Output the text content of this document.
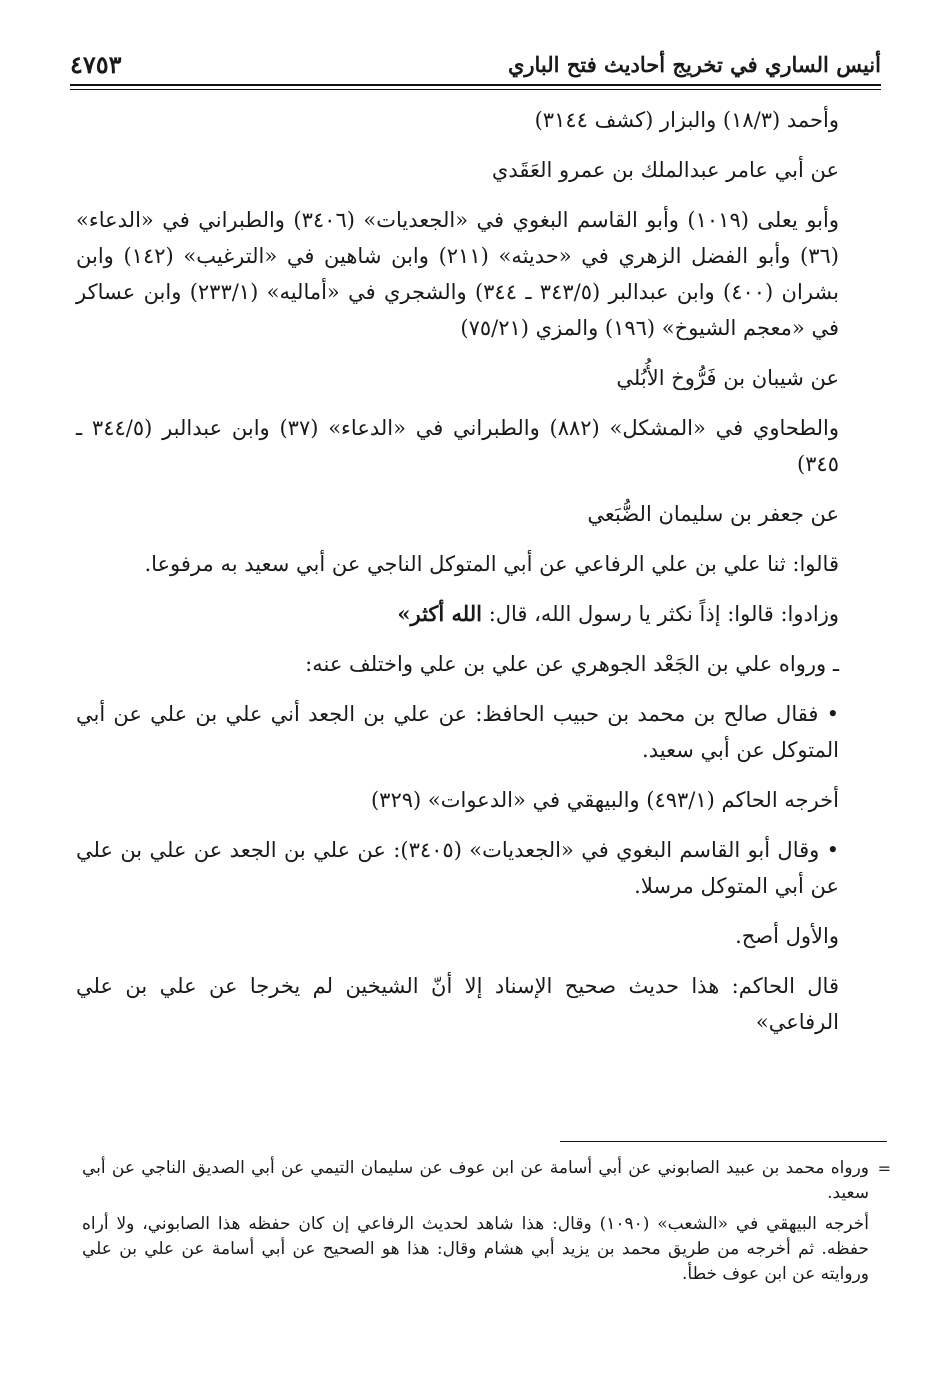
أنيس الساري في تخريج أحاديث فتح الباري
٤٧٥٣

وأحمد (١٨/٣) والبزار (كشف ٣١٤٤)

عن أبي عامر عبدالملك بن عمرو العَقَدي

وأبو يعلى (١٠١٩) وأبو القاسم البغوي في «الجعديات» (٣٤٠٦) والطبراني في «الدعاء» (٣٦) وأبو الفضل الزهري في «حديثه» (٢١١) وابن شاهين في «الترغيب» (١٤٢) وابن بشران (٤٠٠) وابن عبدالبر (٣٤٣/٥ ـ ٣٤٤) والشجري في «أماليه» (٢٣٣/١) وابن عساكر في «معجم الشيوخ» (١٩٦) والمزي (٧٥/٢١)

عن شيبان بن فَرُّوخ الأُبُلي

والطحاوي في «المشكل» (٨٨٢) والطبراني في «الدعاء» (٣٧) وابن عبدالبر (٣٤٤/٥ ـ ٣٤٥)

عن جعفر بن سليمان الضُّبَعي

قالوا: ثنا علي بن علي الرفاعي عن أبي المتوكل الناجي عن أبي سعيد به مرفوعا.

وزادوا: قالوا: إذاً نكثر يا رسول الله، قال: الله أكثر»

ـ ورواه علي بن الجَعْد الجوهري عن علي بن علي واختلف عنه:

• فقال صالح بن محمد بن حبيب الحافظ: عن علي بن الجعد أني علي بن علي عن أبي المتوكل عن أبي سعيد.

أخرجه الحاكم (٤٩٣/١) والبيهقي في «الدعوات» (٣٢٩)

• وقال أبو القاسم البغوي في «الجعديات» (٣٤٠٥): عن علي بن الجعد عن علي بن علي عن أبي المتوكل مرسلا.

والأول أصح.

قال الحاكم: هذا حديث صحيح الإسناد إلا أنّ الشيخين لم يخرجا عن علي بن علي الرفاعي»

=
ورواه محمد بن عبيد الصابوني عن أبي أسامة عن ابن عوف عن سليمان التيمي عن أبي الصديق الناجي عن أبي سعيد.

أخرجه البيهقي في «الشعب» (١٠٩٠) وقال: هذا شاهد لحديث الرفاعي إن كان حفظه هذا الصابوني، ولا أراه حفظه. ثم أخرجه من طريق محمد بن يزيد أبي هشام وقال: هذا هو الصحيح عن أبي أسامة عن علي بن علي وروايته عن ابن عوف خطأ.
